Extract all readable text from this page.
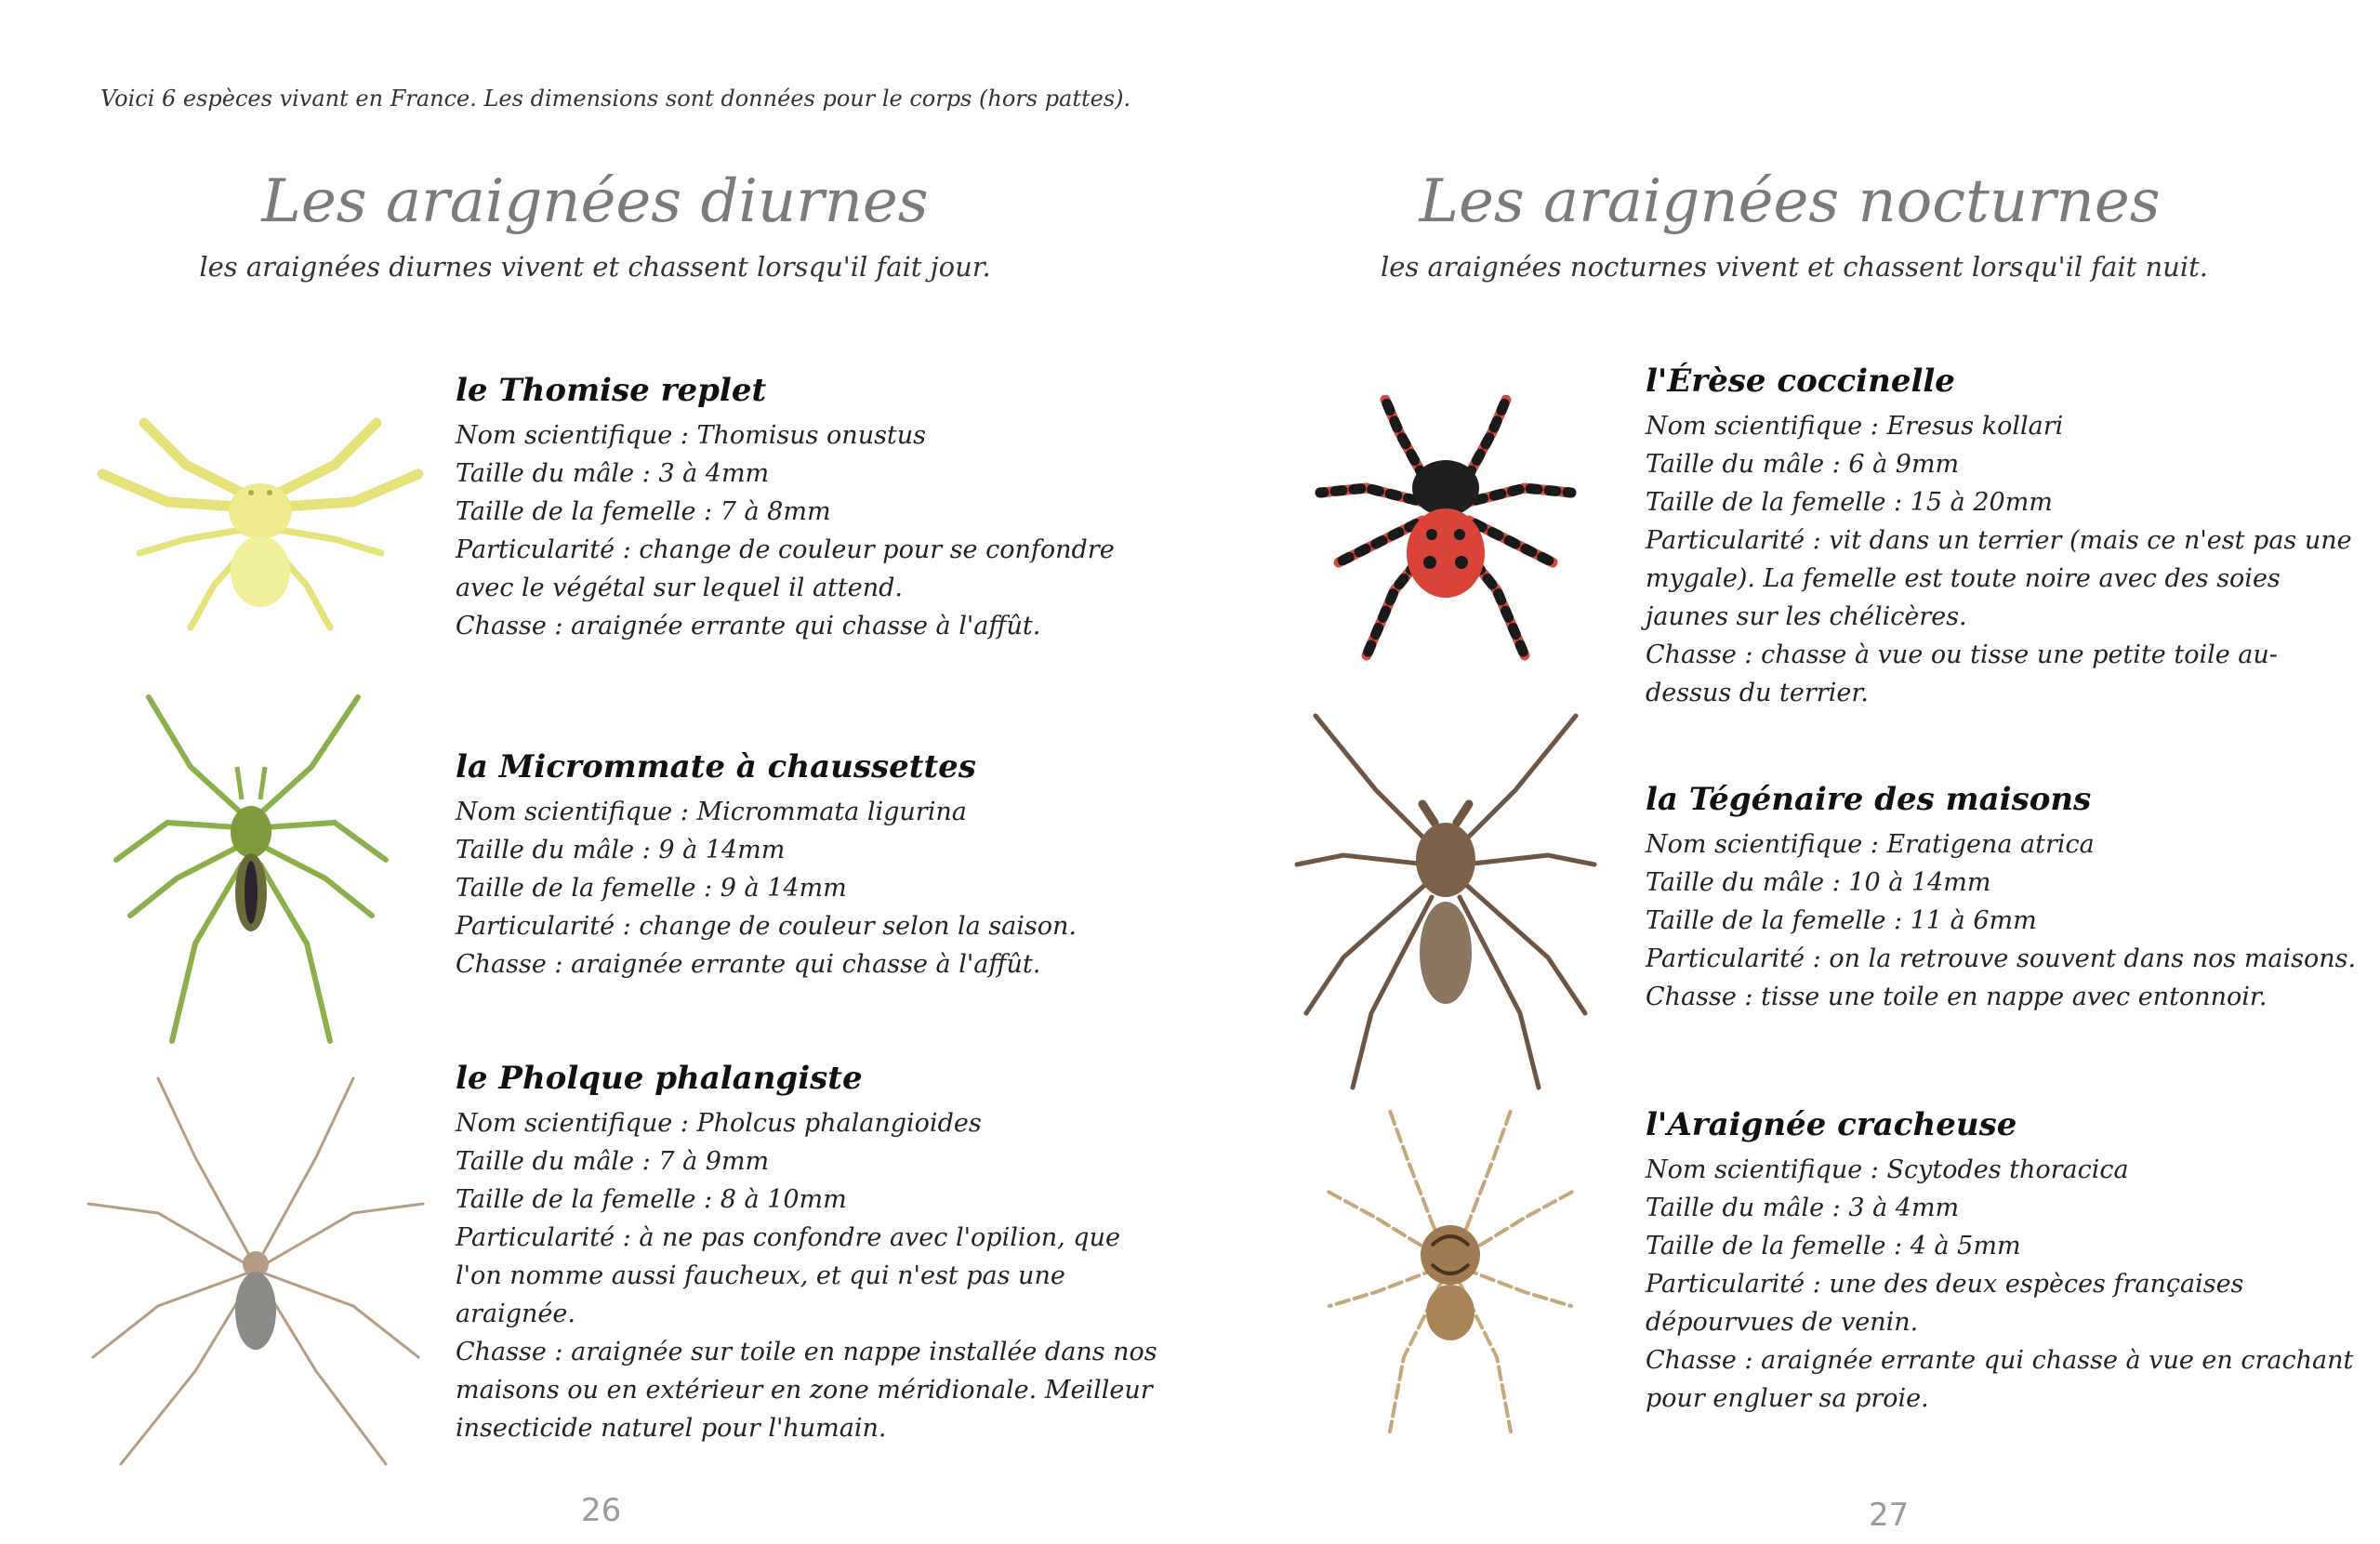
Voici 6 espèces vivant en France. Les dimensions sont données pour le corps (hors pattes).
Les araignées diurnes
les araignées diurnes vivent et chassent lorsqu'il fait jour.
Les araignées nocturnes
les araignées nocturnes vivent et chassent lorsqu'il fait nuit.
le Thomise replet
Nom scientifique : Thomisus onustus
Taille du mâle : 3 à 4mm
Taille de la femelle : 7 à 8mm
Particularité : change de couleur pour se confondre avec le végétal sur lequel il attend.
Chasse : araignée errante qui chasse à l'affût.
la Micrommate à chaussettes
Nom scientifique : Micrommata ligurina
Taille du mâle : 9 à 14mm
Taille de la femelle : 9 à 14mm
Particularité : change de couleur selon la saison.
Chasse : araignée errante qui chasse à l'affût.
le Pholque phalangiste
Nom scientifique : Pholcus phalangioides
Taille du mâle : 7 à 9mm
Taille de la femelle : 8 à 10mm
Particularité : à ne pas confondre avec l'opilion, que l'on nomme aussi faucheux, et qui n'est pas une araignée.
Chasse : araignée sur toile en nappe installée dans nos maisons ou en extérieur en zone méridionale. Meilleur insecticide naturel pour l'humain.
l'Érèse coccinelle
Nom scientifique : Eresus kollari
Taille du mâle : 6 à 9mm
Taille de la femelle : 15 à 20mm
Particularité : vit dans un terrier (mais ce n'est pas une mygale). La femelle est toute noire avec des soies jaunes sur les chélicères.
Chasse : chasse à vue ou tisse une petite toile au-dessus du terrier.
la Tégénaire des maisons
Nom scientifique : Eratigena atrica
Taille du mâle : 10 à 14mm
Taille de la femelle : 11 à 6mm
Particularité : on la retrouve souvent dans nos maisons.
Chasse : tisse une toile en nappe avec entonnoir.
l'Araignée cracheuse
Nom scientifique : Scytodes thoracica
Taille du mâle : 3 à 4mm
Taille de la femelle : 4 à 5mm
Particularité : une des deux espèces françaises dépourvues de venin.
Chasse : araignée errante qui chasse à vue en crachant pour engluer sa proie.
26	27
